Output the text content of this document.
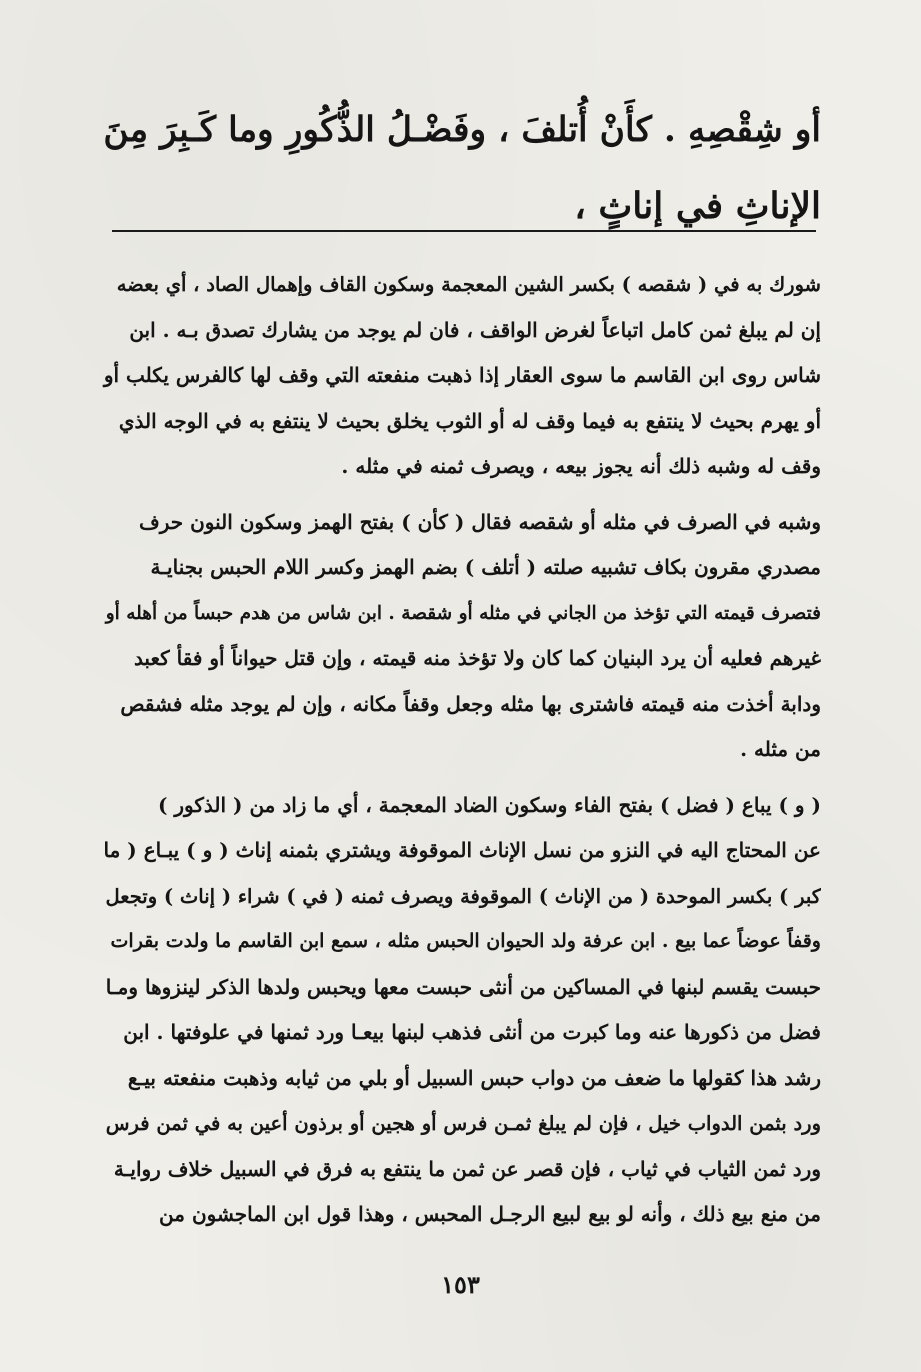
أو شِقْصِهِ . كأَنْ أُتلفَ ، وفَضْـلُ الذُّكُورِ وما كَـبِرَ مِنَ
الإناثِ في إناثٍ ،
شورك به في ( شقصه ) بكسر الشين المعجمة وسكون القاف وإهمال الصاد ، أي بعضه
إن لم يبلغ ثمن كامل اتباعاً لغرض الواقف ، فان لم يوجد من يشارك تصدق بـه . ابن
شاس روى ابن القاسم ما سوى العقار إذا ذهبت منفعته التي وقف لها كالفرس يكلب أو
أو يهرم بحيث لا ينتفع به فيما وقف له أو الثوب يخلق بحيث لا ينتفع به في الوجه الذي
وقف له وشبه ذلك أنه يجوز بيعه ، ويصرف ثمنه في مثله .
وشبه في الصرف في مثله أو شقصه فقال ( كأن ) بفتح الهمز وسكون النون حرف
مصدري مقرون بكاف تشبيه صلته ( أتلف ) بضم الهمز وكسر اللام الحبس بجنايـة
فتصرف قيمته التي تؤخذ من الجاني في مثله أو شقصة . ابن شاس من هدم حبساً من أهله أو
غيرهم فعليه أن يرد البنيان كما كان ولا تؤخذ منه قيمته ، وإن قتل حيواناً أو فقأ كعبد
ودابة أخذت منه قيمته فاشترى بها مثله وجعل وقفاً مكانه ، وإن لم يوجد مثله فشقص
من مثله .
( و ) يباع ( فضل ) بفتح الفاء وسكون الضاد المعجمة ، أي ما زاد من ( الذكور )
عن المحتاج اليه في النزو من نسل الإناث الموقوفة ويشتري بثمنه إناث ( و ) يبـاع ( ما
كبر ) بكسر الموحدة ( من الإناث ) الموقوفة ويصرف ثمنه ( في ) شراء ( إناث ) وتجعل
وقفاً عوضاً عما بيع . ابن عرفة ولد الحيوان الحبس مثله ، سمع ابن القاسم ما ولدت بقرات
حبست يقسم لبنها في المساكين من أنثى حبست معها ويحبس ولدها الذكر لينزوها ومـا
فضل من ذكورها عنه وما كبرت من أنثى فذهب لبنها بيعـا ورد ثمنها في علوفتها . ابن
رشد هذا كقولها ما ضعف من دواب حبس السبيل أو بلي من ثيابه وذهبت منفعته بيـع
ورد بثمن الدواب خيل ، فإن لم يبلغ ثمـن فرس أو هجين أو برذون أعين به في ثمن فرس
ورد ثمن الثياب في ثياب ، فإن قصر عن ثمن ما ينتفع به فرق في السبيل خلاف روايـة
من منع بيع ذلك ، وأنه لو بيع لبيع الرجـل المحبس ، وهذا قول ابن الماجشون من
١٥٣
